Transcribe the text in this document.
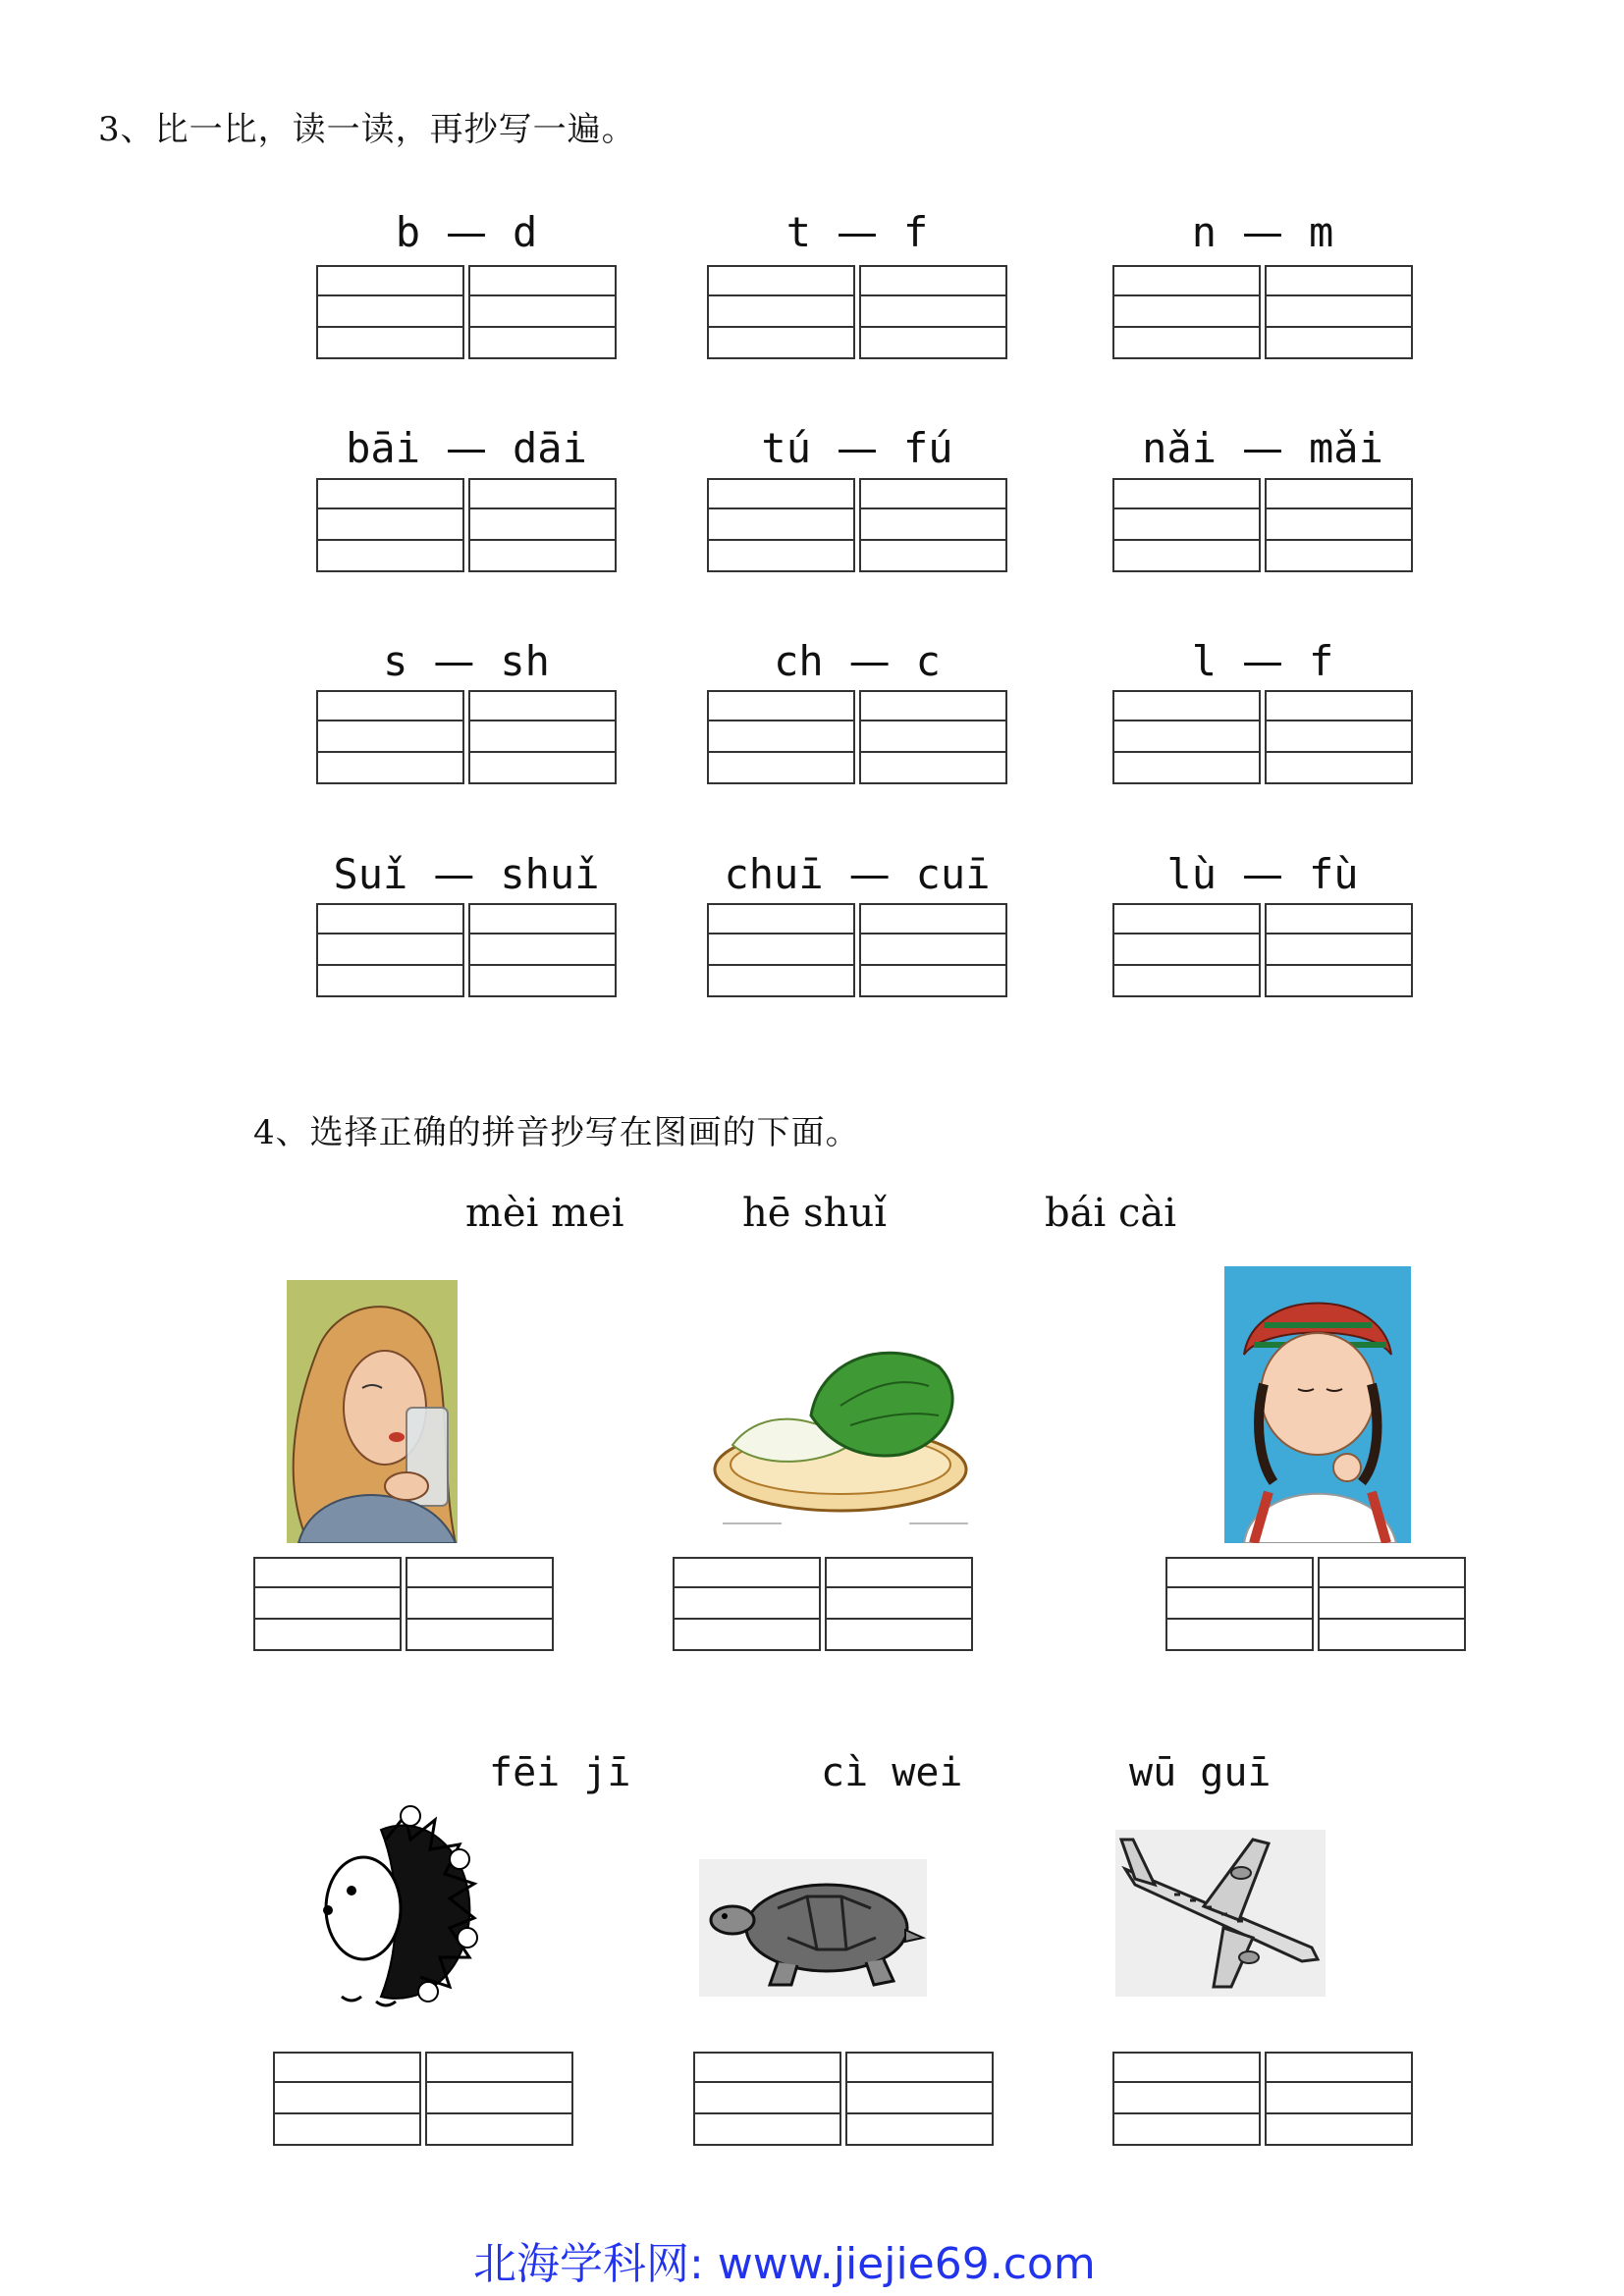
3、比一比，读一读，再抄写一遍。
b — d	t — f	n — m
bāi — dāi	tú — fú	nǎi — mǎi
s — sh	ch — c	l — f
Suǐ — shuǐ	chuī — cuī	lù — fù
4、选择正确的拼音抄写在图画的下面。
mèi mei	hē shuǐ	bái cài
fēi jī	cì wei	wū guī
北海学科网: www.jiejie69.com
